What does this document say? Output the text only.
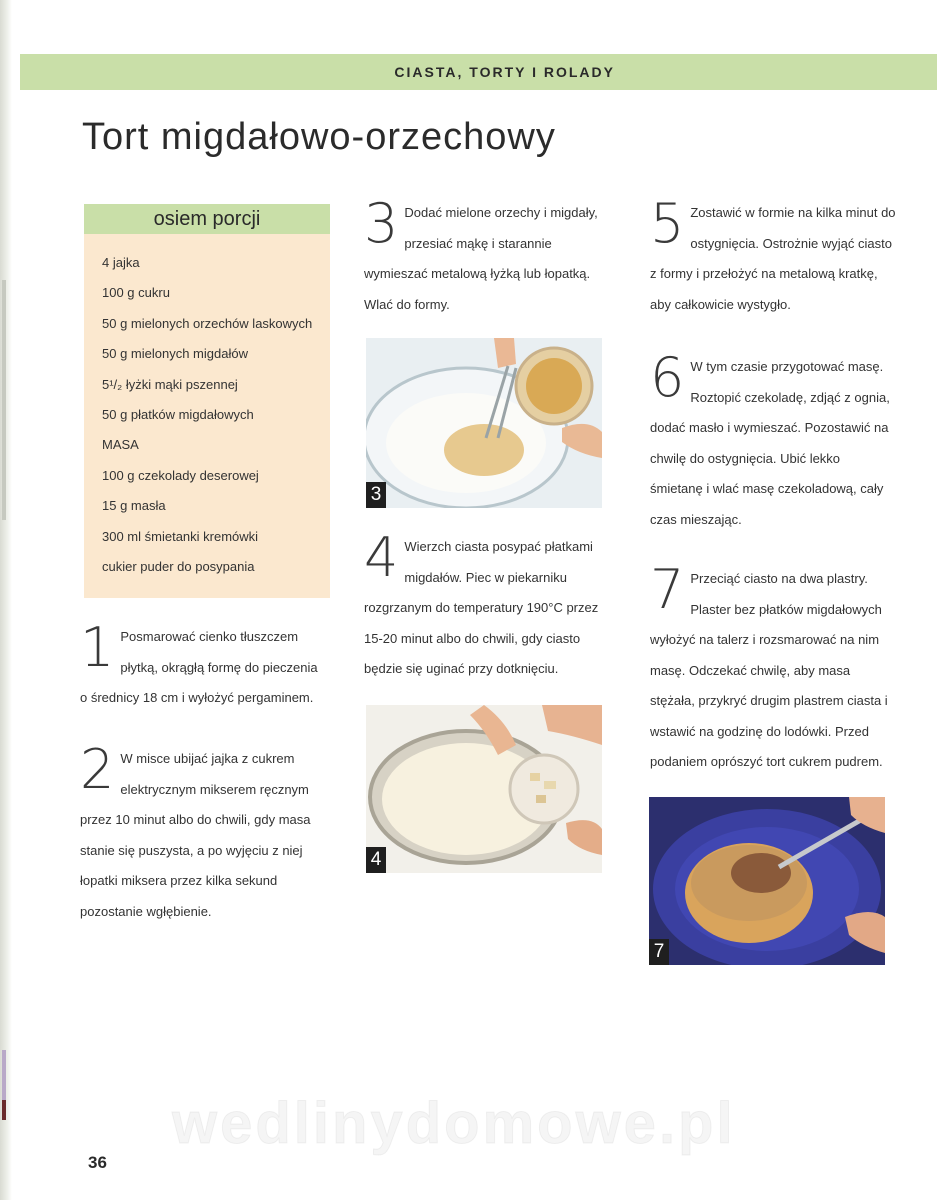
CIASTA, TORTY I ROLADY
Tort migdałowo-orzechowy
osiem porcji
4 jajka
100 g cukru
50 g mielonych orzechów laskowych
50 g mielonych migdałów
5¹/₂ łyżki mąki pszennej
50 g płatków migdałowych
MASA
100 g czekolady deserowej
15 g masła
300 ml śmietanki kremówki
cukier puder do posypania
1 Posmarować cienko tłuszczem płytką, okrągłą formę do pieczenia o średnicy 18 cm i wyłożyć pergaminem.
2 W misce ubijać jajka z cukrem elektrycznym mikserem ręcznym przez 10 minut albo do chwili, gdy masa stanie się puszysta, a po wyjęciu z niej łopatki miksera przez kilka sekund pozostanie wgłębienie.
3 Dodać mielone orzechy i migdały, przesiać mąkę i starannie wymieszać metalową łyżką lub łopatką. Wlać do formy.
3
4 Wierzch ciasta posypać płatkami migdałów. Piec w piekarniku rozgrzanym do temperatury 190°C przez 15-20 minut albo do chwili, gdy ciasto będzie się uginać przy dotknięciu.
4
5 Zostawić w formie na kilka minut do ostygnięcia. Ostrożnie wyjąć ciasto z formy i przełożyć na metalową kratkę, aby całkowicie wystygło.
6 W tym czasie przygotować masę. Roztopić czekoladę, zdjąć z ognia, dodać masło i wymieszać. Pozostawić na chwilę do ostygnięcia. Ubić lekko śmietanę i wlać masę czekoladową, cały czas mieszając.
7 Przeciąć ciasto na dwa plastry. Plaster bez płatków migdałowych wyłożyć na talerz i rozsmarować na nim masę. Odczekać chwilę, aby masa stężała, przykryć drugim plastrem ciasta i wstawić na godzinę do lodówki. Przed podaniem oprószyć tort cukrem pudrem.
7
wedlinydomowe.pl
36
